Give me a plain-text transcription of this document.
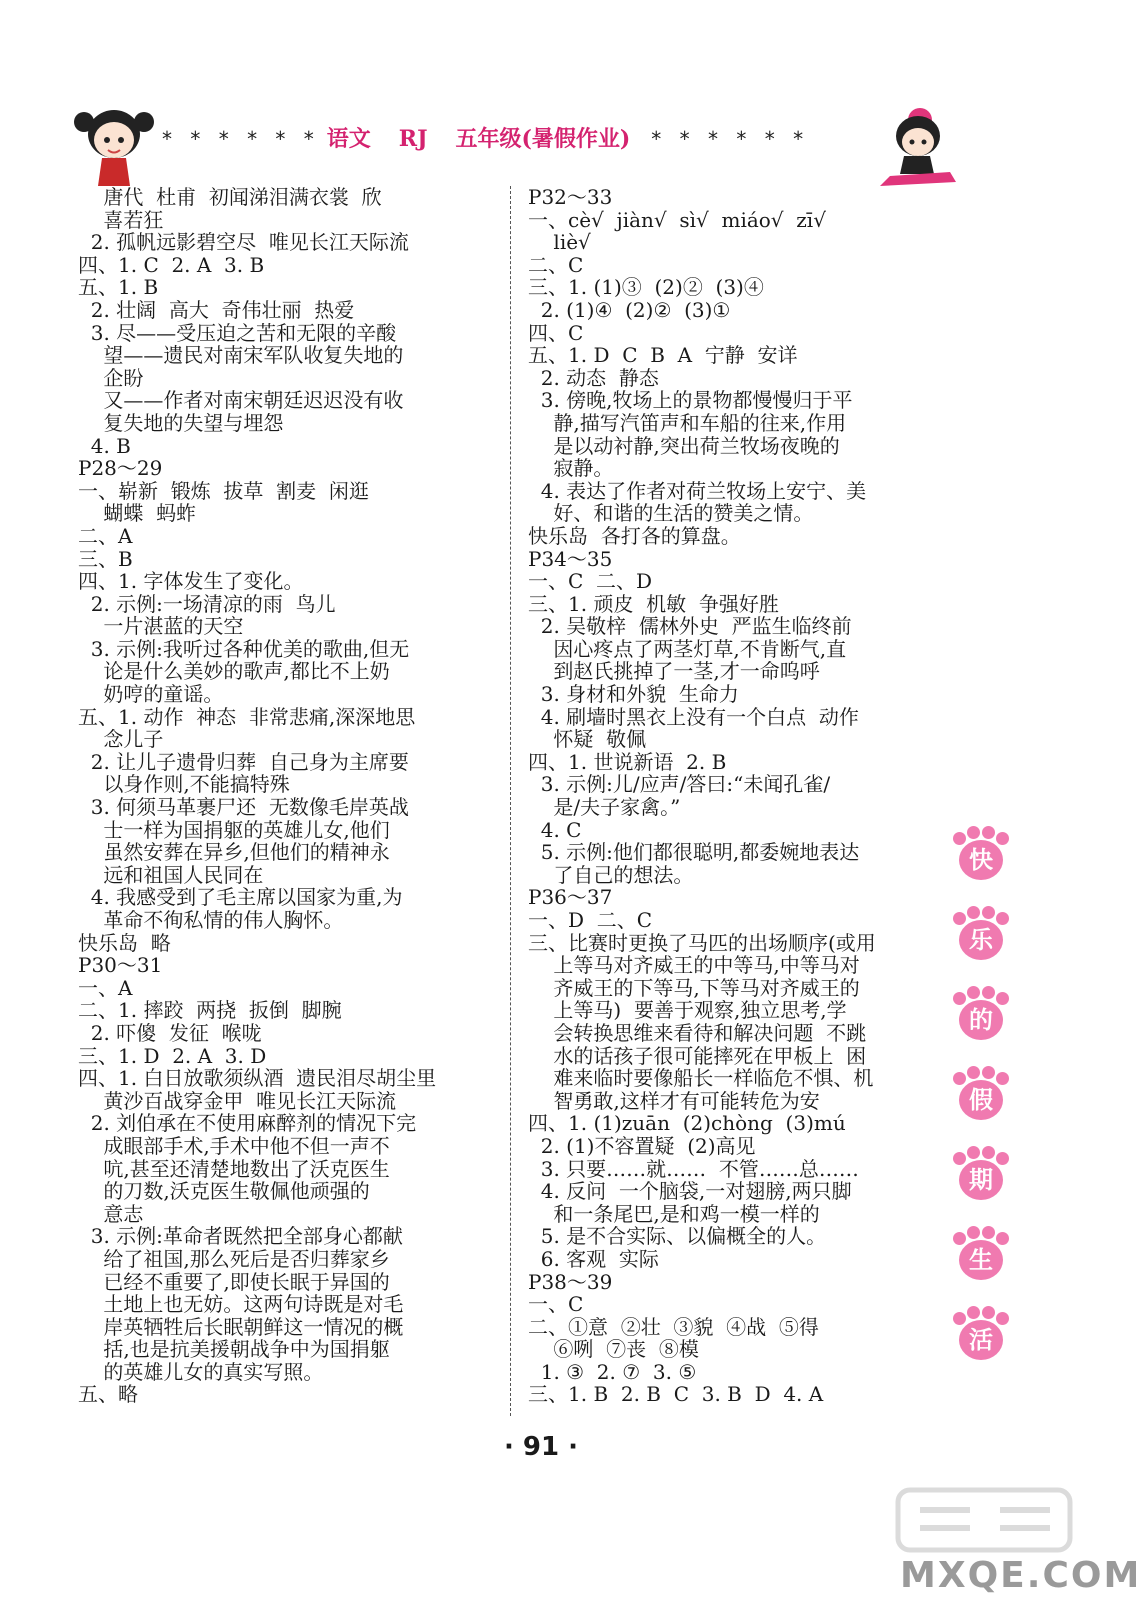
* * * * * * 语文 RJ 五年级(暑假作业) * * * * * *
唐代  杜甫  初闻涕泪满衣裳  欣
喜若狂
2. 孤帆远影碧空尽  唯见长江天际流
四、1. C  2. A  3. B
五、1. B
2. 壮阔  高大  奇伟壮丽  热爱
3. 尽——受压迫之苦和无限的辛酸
望——遗民对南宋军队收复失地的
企盼
又——作者对南宋朝廷迟迟没有收
复失地的失望与埋怨
4. B
P28～29
一、崭新  锻炼  拔草  割麦  闲逛
蝴蝶  蚂蚱
二、A
三、B
四、1. 字体发生了变化。
2. 示例:一场清凉的雨  鸟儿
一片湛蓝的天空
3. 示例:我听过各种优美的歌曲,但无
论是什么美妙的歌声,都比不上奶
奶哼的童谣。
五、1. 动作  神态  非常悲痛,深深地思
念儿子
2. 让儿子遗骨归葬  自己身为主席要
以身作则,不能搞特殊
3. 何须马革裹尸还  无数像毛岸英战
士一样为国捐躯的英雄儿女,他们
虽然安葬在异乡,但他们的精神永
远和祖国人民同在
4. 我感受到了毛主席以国家为重,为
革命不徇私情的伟人胸怀。
快乐岛  略
P30～31
一、A
二、1. 摔跤  两挠  扳倒  脚腕
2. 吓傻  发征  喉咙
三、1. D  2. A  3. D
四、1. 白日放歌须纵酒  遗民泪尽胡尘里
黄沙百战穿金甲  唯见长江天际流
2. 刘伯承在不使用麻醉剂的情况下完
成眼部手术,手术中他不但一声不
吭,甚至还清楚地数出了沃克医生
的刀数,沃克医生敬佩他顽强的
意志
3. 示例:革命者既然把全部身心都献
给了祖国,那么死后是否归葬家乡
已经不重要了,即使长眠于异国的
土地上也无妨。这两句诗既是对毛
岸英牺牲后长眠朝鲜这一情况的概
括,也是抗美援朝战争中为国捐躯
的英雄儿女的真实写照。
五、略
P32～33
一、cè√  jiàn√  sì√  miáo√  zī√
liè√
二、C
三、1. (1)③  (2)②  (3)④
2. (1)④  (2)②  (3)①
四、C
五、1. D  C  B  A  宁静  安详
2. 动态  静态
3. 傍晚,牧场上的景物都慢慢归于平
静,描写汽笛声和车船的往来,作用
是以动衬静,突出荷兰牧场夜晚的
寂静。
4. 表达了作者对荷兰牧场上安宁、美
好、和谐的生活的赞美之情。
快乐岛  各打各的算盘。
P34～35
一、C  二、D
三、1. 顽皮  机敏  争强好胜
2. 吴敬梓  儒林外史  严监生临终前
因心疼点了两茎灯草,不肯断气,直
到赵氏挑掉了一茎,才一命呜呼
3. 身材和外貌  生命力
4. 刷墙时黑衣上没有一个白点  动作
怀疑  敬佩
四、1. 世说新语  2. B
3. 示例:儿/应声/答曰:“未闻孔雀/
是/夫子家禽。”
4. C
5. 示例:他们都很聪明,都委婉地表达
了自己的想法。
P36～37
一、D  二、C
三、比赛时更换了马匹的出场顺序(或用
上等马对齐威王的中等马,中等马对
齐威王的下等马,下等马对齐威王的
上等马)  要善于观察,独立思考,学
会转换思维来看待和解决问题  不跳
水的话孩子很可能摔死在甲板上  困
难来临时要像船长一样临危不惧、机
智勇敢,这样才有可能转危为安
四、1. (1)zuān  (2)chòng  (3)mú
2. (1)不容置疑  (2)高见
3. 只要……就……  不管……总……
4. 反问  一个脑袋,一对翅膀,两只脚
和一条尾巴,是和鸡一模一样的
5. 是不合实际、以偏概全的人。
6. 客观  实际
P38～39
一、C
二、①意  ②壮  ③貌  ④战  ⑤得
⑥咧  ⑦丧  ⑧模
1. ③  2. ⑦  3. ⑤
三、1. B  2. B  C  3. B  D  4. A
快
乐
的
假
期
生
活
· 91 ·
MXQE.COM
